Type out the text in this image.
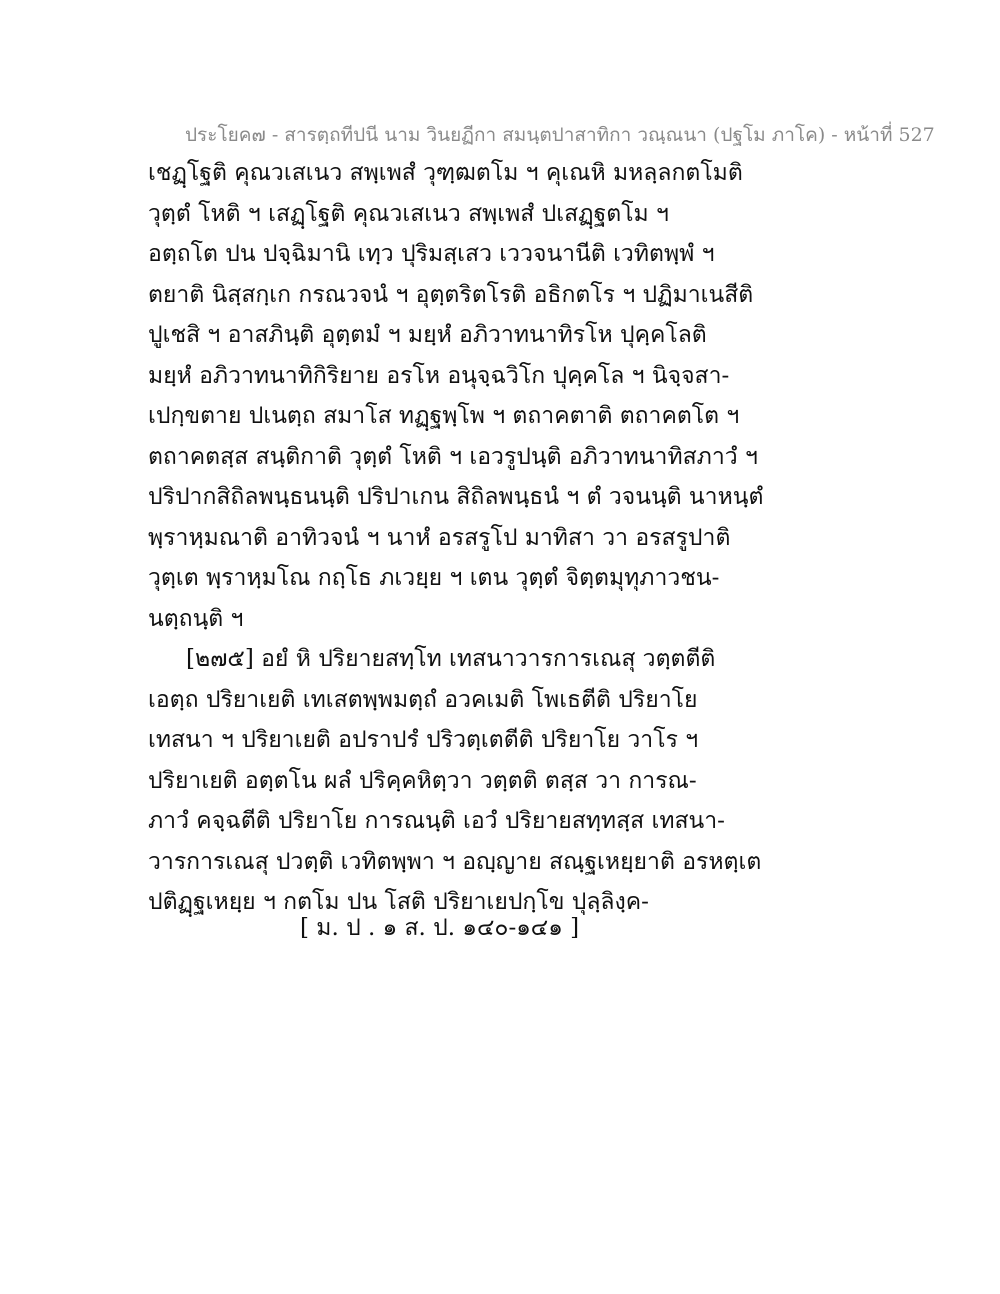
ประโยค๗ - สารตฺถทีปนี นาม วินยฏีกา สมนฺตปาสาทิกา วณฺณนา (ปฐโม ภาโค) - หน้าที่ 527
เชฏฺโฐติ คุณวเสเนว สพฺเพสํ วุฑฺฒตโม ฯ คุเณหิ มหลฺลกตโมติ
วุตฺตํ โหติ ฯ เสฏฺโฐติ คุณวเสเนว สพฺเพสํ ปเสฏฺฐตโม ฯ
อตฺถโต ปน ปจฺฉิมานิ เทฺว ปุริมสฺเสว เววจนานีติ เวทิตพฺพํ ฯ
ตยาติ นิสฺสกฺเก กรณวจนํ ฯ อุตฺตริตโรติ อธิกตโร ฯ ปฏิมาเนสีติ
ปูเชสิ ฯ อาสภินฺติ อุตฺตมํ ฯ มยฺหํ อภิวาทนาทิรโห ปุคฺคโลติ
มยฺหํ อภิวาทนาทิกิริยาย อรโห อนุจฺฉวิโก ปุคฺคโล ฯ นิจฺจสา-
เปกฺขตาย ปเนตฺถ สมาโส ทฏฺฐพฺโพ ฯ ตถาคตาติ ตถาคตโต ฯ
ตถาคตสฺส สนฺติกาติ วุตฺตํ โหติ ฯ เอวรูปนฺติ อภิวาทนาทิสภาวํ ฯ
ปริปากสิถิลพนฺธนนฺติ ปริปาเกน สิถิลพนฺธนํ ฯ ตํ วจนนฺติ นาหนฺตํ
พฺราหฺมณาติ อาทิวจนํ ฯ นาหํ อรสรูโป มาทิสา วา อรสรูปาติ
วุตฺเต พฺราหฺมโณ กถฺโธ ภเวยฺย ฯ เตน วุตฺตํ จิตฺตมุทุภาวชน-
นตฺถนฺติ ฯ
[๒๗๕] อยํ หิ ปริยายสทฺโท เทสนาวารการเณสุ วตฺตตีติ
เอตฺถ ปริยาเยติ เทเสตพฺพมตฺถํ อวคเมติ โพเธตีติ ปริยาโย
เทสนา ฯ ปริยาเยติ อปราปรํ ปริวตฺเตตีติ ปริยาโย วาโร ฯ
ปริยาเยติ อตฺตโน ผลํ ปริคฺคหิตฺวา วตฺตติ ตสฺส วา การณ-
ภาวํ คจฺฉตีติ ปริยาโย การณนฺติ เอวํ ปริยายสทฺทสฺส เทสนา-
วารการเณสุ ปวตฺติ เวทิตพฺพา ฯ อญฺญาย สณฺฐเหยฺยาติ อรหตฺเต
ปติฏฺฐเหยฺย ฯ กตโม ปน โสติ ปริยาเยปกฺโข ปุลฺลิงฺค-
[ ม. ป . ๑ ส. ป. ๑๔๐-๑๔๑ ]
